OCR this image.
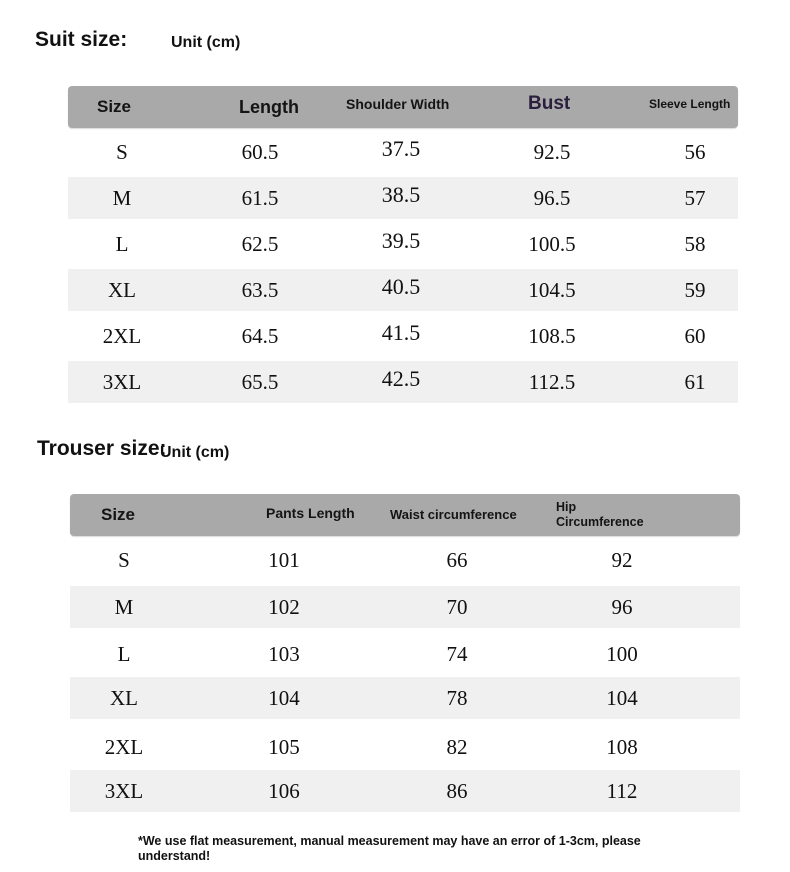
Suit size:	Unit (cm)
Size	Length	Shoulder Width	Bust	Sleeve Length
S	60.5	37.5	92.5	56
M	61.5	38.5	96.5	57
L	62.5	39.5	100.5	58
XL	63.5	40.5	104.5	59
2XL	64.5	41.5	108.5	60
3XL	65.5	42.5	112.5	61
Trouser size:
Unit (cm)
Size	Pants Length	Waist circumference	Hip
Circumference
S	101	66	92
M	102	70	96
L	103	74	100
XL	104	78	104
2XL	105	82	108
3XL	106	86	112
*We use flat measurement, manual measurement may have an error of 1-3cm, please understand!
